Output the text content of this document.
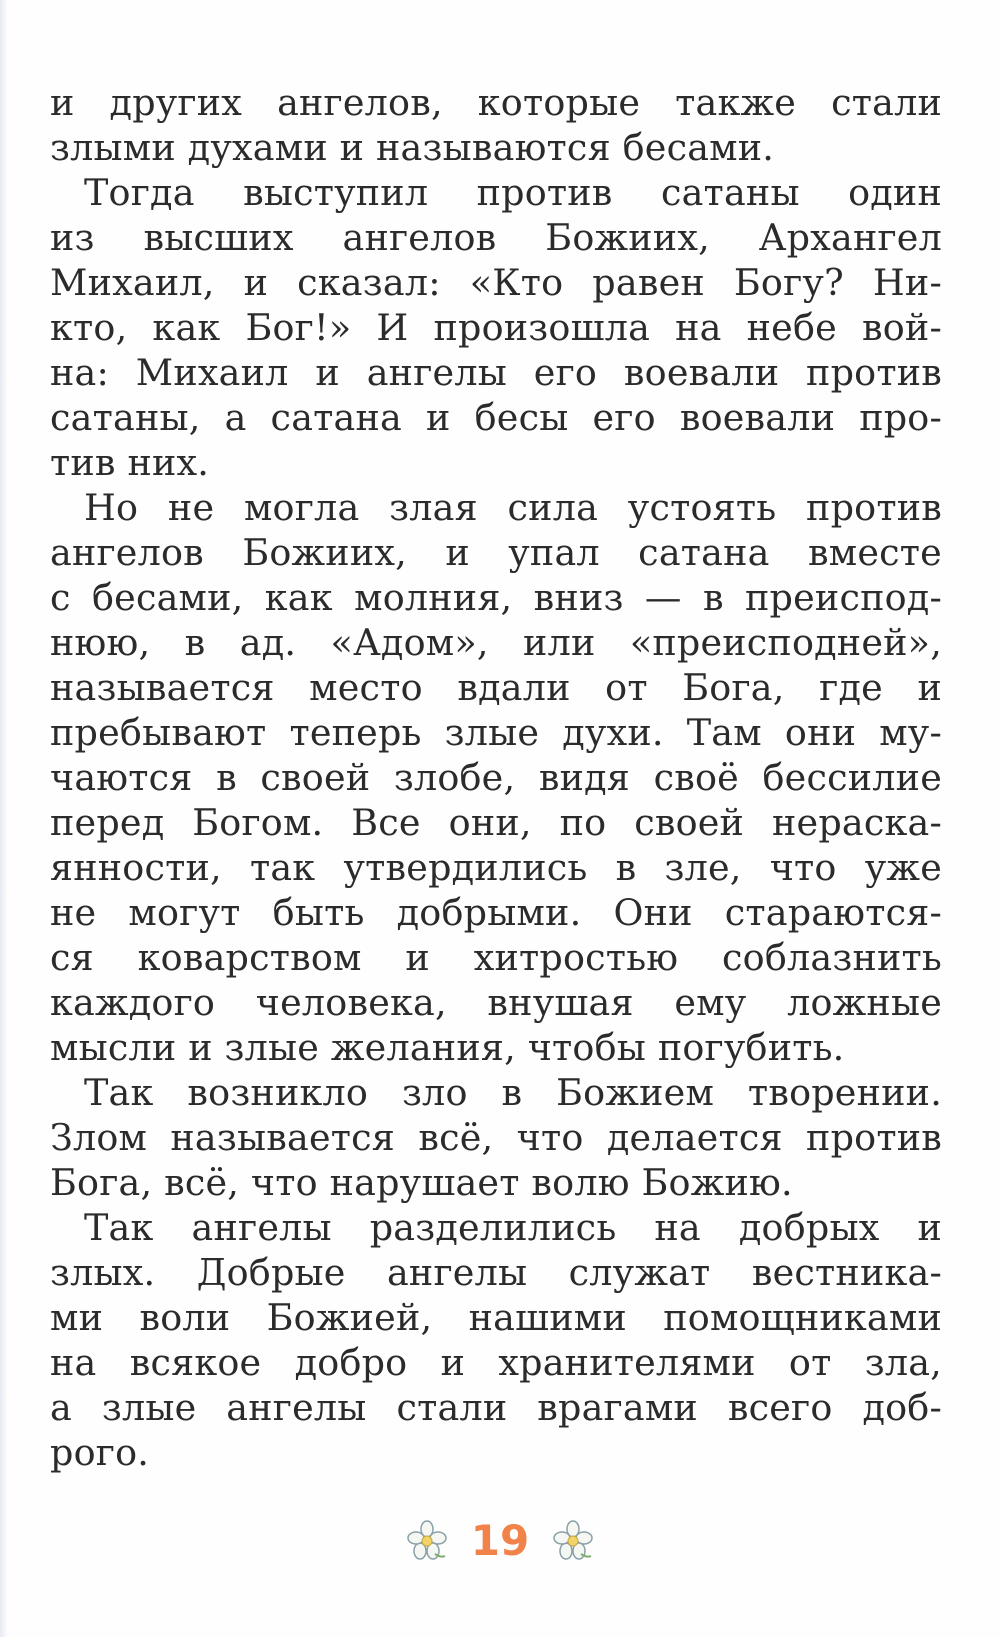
и других ангелов, которые также стали
злыми духами и называются бесами.
Тогда выступил против сатаны один
из высших ангелов Божиих, Архангел
Михаил, и сказал: «Кто равен Богу? Ни-
кто, как Бог!» И произошла на небе вой-
на: Михаил и ангелы его воевали против
сатаны, а сатана и бесы его воевали про-
тив них.
Но не могла злая сила устоять против
ангелов Божиих, и упал сатана вместе
с бесами, как молния, вниз — в преиспод-
нюю, в ад. «Адом», или «преисподней»,
называется место вдали от Бога, где и
пребывают теперь злые духи. Там они му-
чаются в своей злобе, видя своё бессилие
перед Богом. Все они, по своей нераска-
янности, так утвердились в зле, что уже
не могут быть добрыми. Они стараются-
ся коварством и хитростью соблазнить
каждого человека, внушая ему ложные
мысли и злые желания, чтобы погубить.
Так возникло зло в Божием творении.
Злом называется всё, что делается против
Бога, всё, что нарушает волю Божию.
Так ангелы разделились на добрых и
злых. Добрые ангелы служат вестника-
ми воли Божией, нашими помощниками
на всякое добро и хранителями от зла,
а злые ангелы стали врагами всего доб-
рого.
19
